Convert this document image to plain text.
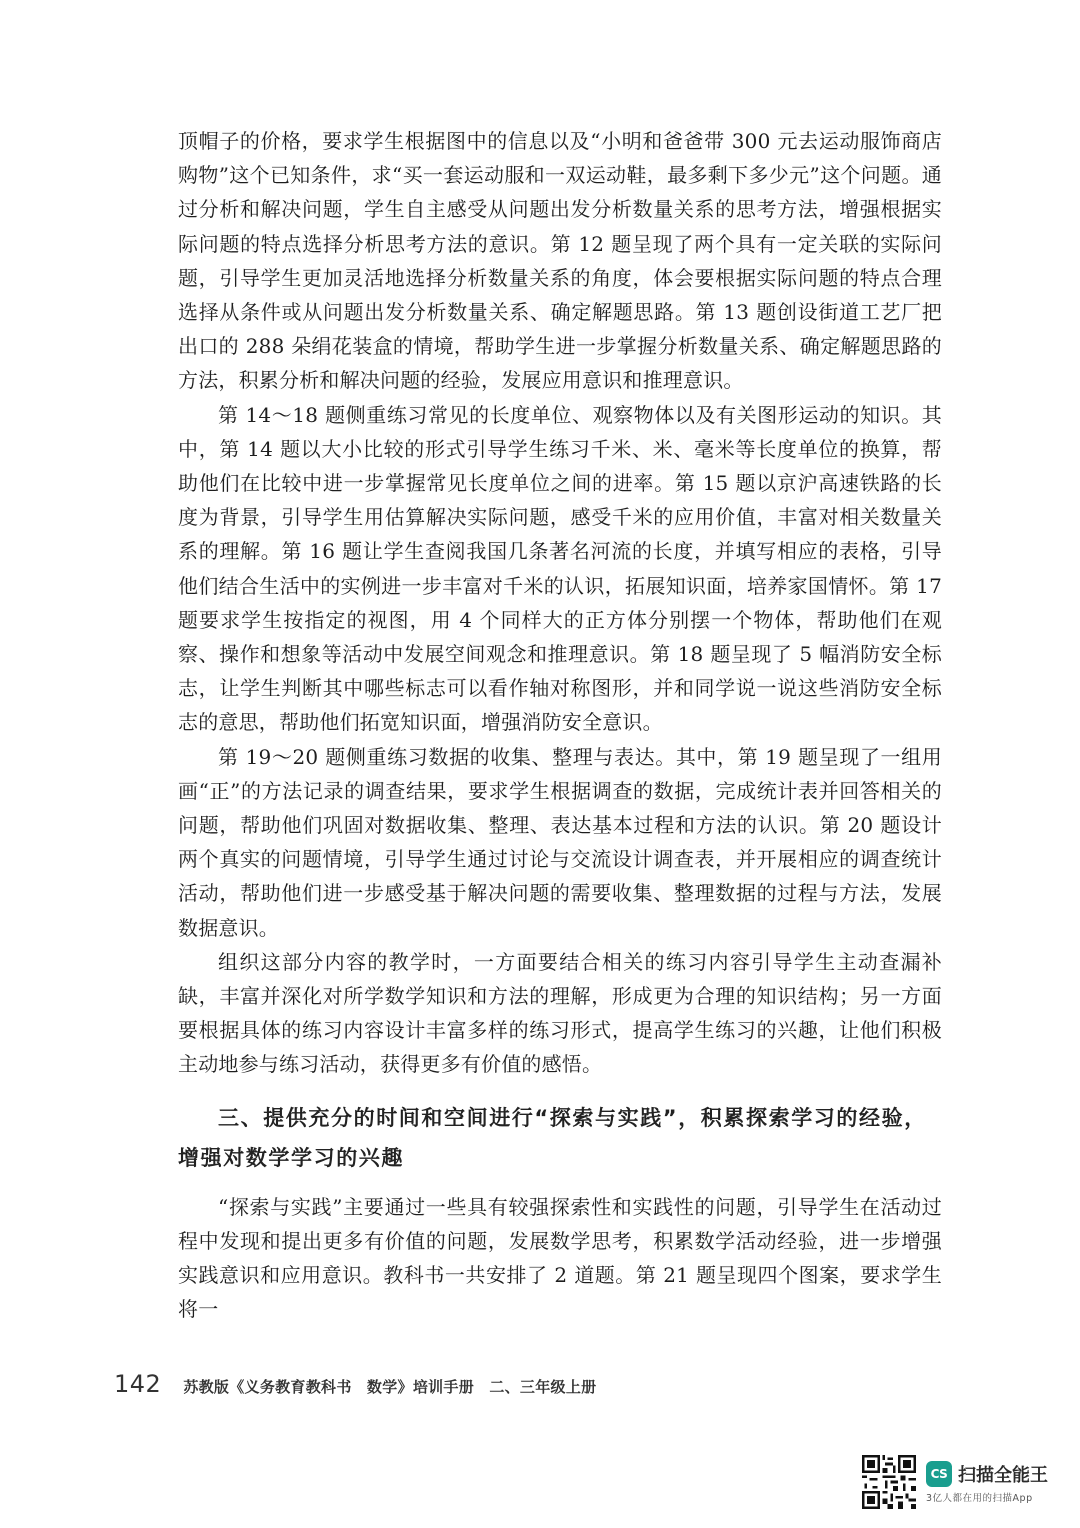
顶帽子的价格，要求学生根据图中的信息以及“小明和爸爸带 300 元去运动服饰商店购物”这个已知条件，求“买一套运动服和一双运动鞋，最多剩下多少元”这个问题。通过分析和解决问题，学生自主感受从问题出发分析数量关系的思考方法，增强根据实际问题的特点选择分析思考方法的意识。第 12 题呈现了两个具有一定关联的实际问题，引导学生更加灵活地选择分析数量关系的角度，体会要根据实际问题的特点合理选择从条件或从问题出发分析数量关系、确定解题思路。第 13 题创设街道工艺厂把出口的 288 朵绢花装盒的情境，帮助学生进一步掌握分析数量关系、确定解题思路的方法，积累分析和解决问题的经验，发展应用意识和推理意识。

第 14～18 题侧重练习常见的长度单位、观察物体以及有关图形运动的知识。其中，第 14 题以大小比较的形式引导学生练习千米、米、毫米等长度单位的换算，帮助他们在比较中进一步掌握常见长度单位之间的进率。第 15 题以京沪高速铁路的长度为背景，引导学生用估算解决实际问题，感受千米的应用价值，丰富对相关数量关系的理解。第 16 题让学生查阅我国几条著名河流的长度，并填写相应的表格，引导他们结合生活中的实例进一步丰富对千米的认识，拓展知识面，培养家国情怀。第 17 题要求学生按指定的视图，用 4 个同样大的正方体分别摆一个物体，帮助他们在观察、操作和想象等活动中发展空间观念和推理意识。第 18 题呈现了 5 幅消防安全标志，让学生判断其中哪些标志可以看作轴对称图形，并和同学说一说这些消防安全标志的意思，帮助他们拓宽知识面，增强消防安全意识。

第 19～20 题侧重练习数据的收集、整理与表达。其中，第 19 题呈现了一组用画“正”的方法记录的调查结果，要求学生根据调查的数据，完成统计表并回答相关的问题，帮助他们巩固对数据收集、整理、表达基本过程和方法的认识。第 20 题设计两个真实的问题情境，引导学生通过讨论与交流设计调查表，并开展相应的调查统计活动，帮助他们进一步感受基于解决问题的需要收集、整理数据的过程与方法，发展数据意识。

组织这部分内容的教学时，一方面要结合相关的练习内容引导学生主动查漏补缺，丰富并深化对所学数学知识和方法的理解，形成更为合理的知识结构；另一方面要根据具体的练习内容设计丰富多样的练习形式，提高学生练习的兴趣，让他们积极主动地参与练习活动，获得更多有价值的感悟。

三、提供充分的时间和空间进行“探索与实践”，积累探索学习的经验，增强对数学学习的兴趣

“探索与实践”主要通过一些具有较强探索性和实践性的问题，引导学生在活动过程中发现和提出更多有价值的问题，发展数学思考，积累数学活动经验，进一步增强实践意识和应用意识。教科书一共安排了 2 道题。第 21 题呈现四个图案，要求学生将一

142 苏教版《义务教育教科书　数学》培训手册　二、三年级上册
CS 扫描全能王
3亿人都在用的扫描App
